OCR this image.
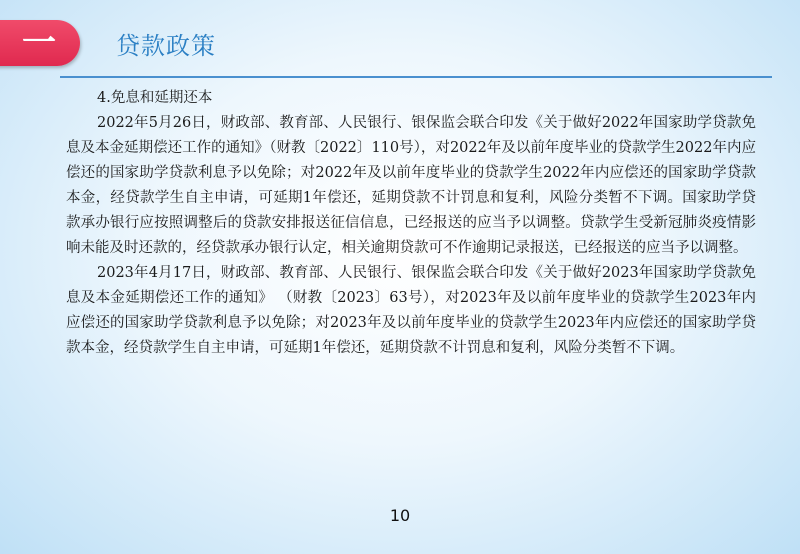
一	贷款政策

4.免息和延期还本

2022年5月26日，财政部、教育部、人民银行、银保监会联合印发《关于做好2022年国家助学贷款免息及本金延期偿还工作的通知》（财教〔2022〕110号），对2022年及以前年度毕业的贷款学生2022年内应偿还的国家助学贷款利息予以免除；对2022年及以前年度毕业的贷款学生2022年内应偿还的国家助学贷款本金，经贷款学生自主申请，可延期1年偿还，延期贷款不计罚息和复利，风险分类暂不下调。国家助学贷款承办银行应按照调整后的贷款安排报送征信信息，已经报送的应当予以调整。贷款学生受新冠肺炎疫情影响未能及时还款的，经贷款承办银行认定，相关逾期贷款可不作逾期记录报送，已经报送的应当予以调整。

2023年4月17日，财政部、教育部、人民银行、银保监会联合印发《关于做好2023年国家助学贷款免息及本金延期偿还工作的通知》 （财教〔2023〕63号），对2023年及以前年度毕业的贷款学生2023年内应偿还的国家助学贷款利息予以免除；对2023年及以前年度毕业的贷款学生2023年内应偿还的国家助学贷款本金，经贷款学生自主申请，可延期1年偿还，延期贷款不计罚息和复利，风险分类暂不下调。

10
